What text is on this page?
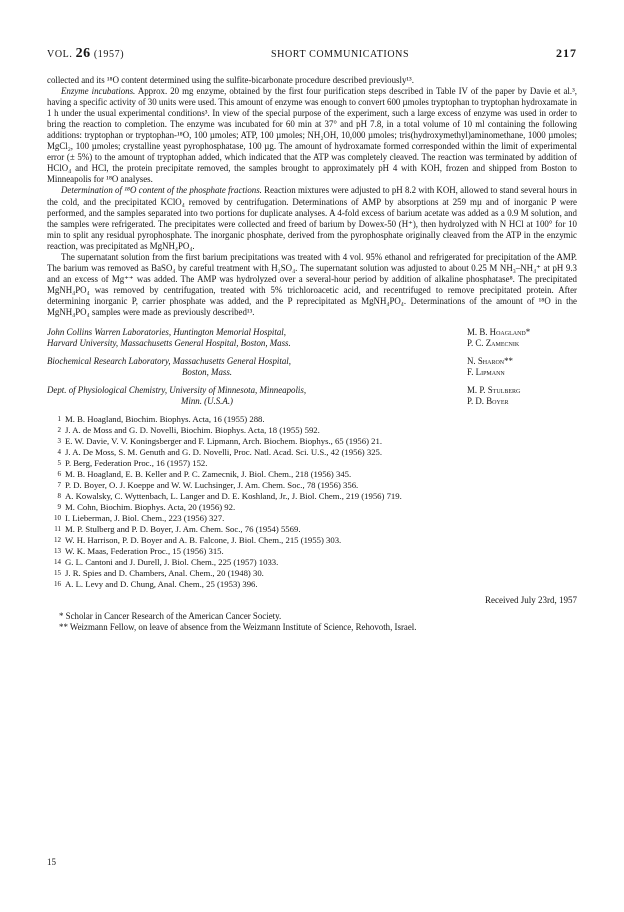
VOL. 26 (1957)	SHORT COMMUNICATIONS	217

collected and its ¹⁸O content determined using the sulfite-bicarbonate procedure described previously¹³.

Enzyme incubations. Approx. 20 mg enzyme, obtained by the first four purification steps described in Table IV of the paper by Davie et al.³, having a specific activity of 30 units were used. This amount of enzyme was enough to convert 600 µmoles tryptophan to tryptophan hydroxamate in 1 h under the usual experimental conditions³. In view of the special purpose of the experiment, such a large excess of enzyme was used in order to bring the reaction to completion. The enzyme was incubated for 60 min at 37° and pH 7.8, in a total volume of 10 ml containing the following additions: tryptophan or tryptophan-¹⁸O, 100 µmoles; ATP, 100 µmoles; NH₂OH, 10,000 µmoles; tris(hydroxymethyl)aminomethane, 1000 µmoles; MgCl₂, 100 µmoles; crystalline yeast pyrophosphatase, 100 µg. The amount of hydroxamate formed corresponded within the limit of experimental error (± 5%) to the amount of tryptophan added, which indicated that the ATP was completely cleaved. The reaction was terminated by addition of HClO₄ and HCl, the protein precipitate removed, the samples brought to approximately pH 4 with KOH, frozen and shipped from Boston to Minneapolis for ¹⁸O analyses.

Determination of ¹⁸O content of the phosphate fractions. Reaction mixtures were adjusted to pH 8.2 with KOH, allowed to stand several hours in the cold, and the precipitated KClO₄ removed by centrifugation. Determinations of AMP by absorptions at 259 mµ and of inorganic P were performed, and the samples separated into two portions for duplicate analyses. A 4-fold excess of barium acetate was added as a 0.9 M solution, and the samples were refrigerated. The precipitates were collected and freed of barium by Dowex-50 (H⁺), then hydrolyzed with N HCl at 100° for 10 min to split any residual pyrophosphate. The inorganic phosphate, derived from the pyrophosphate originally cleaved from the ATP in the enzymic reaction, was precipitated as MgNH₄PO₄.

The supernatant solution from the first barium precipitations was treated with 4 vol. 95% ethanol and refrigerated for precipitation of the AMP. The barium was removed as BaSO₄ by careful treatment with H₂SO₄. The supernatant solution was adjusted to about 0.25 M NH₃–NH₄⁺ at pH 9.3 and an excess of Mg⁺⁺ was added. The AMP was hydrolyzed over a several-hour period by addition of alkaline phosphatase⁸. The precipitated MgNH₄PO₄ was removed by centrifugation, treated with 5% trichloroacetic acid, and recentrifuged to remove precipitated protein. After determining inorganic P, carrier phosphate was added, and the P reprecipitated as MgNH₄PO₄. Determinations of the amount of ¹⁸O in the MgNH₄PO₄ samples were made as previously described¹³.

John Collins Warren Laboratories, Huntington Memorial Hospital,
Harvard University, Massachusetts General Hospital, Boston, Mass.
M. B. Hoagland*
P. C. Zamecnik
Biochemical Research Laboratory, Massachusetts General Hospital,
Boston, Mass.
N. Sharon**
F. Lipmann
Dept. of Physiological Chemistry, University of Minnesota, Minneapolis,
Minn. (U.S.A.)
M. P. Stulberg
P. D. Boyer
1 M. B. Hoagland, Biochim. Biophys. Acta, 16 (1955) 288.
2 J. A. de Moss and G. D. Novelli, Biochim. Biophys. Acta, 18 (1955) 592.
3 E. W. Davie, V. V. Koningsberger and F. Lipmann, Arch. Biochem. Biophys., 65 (1956) 21.
4 J. A. De Moss, S. M. Genuth and G. D. Novelli, Proc. Natl. Acad. Sci. U.S., 42 (1956) 325.
5 P. Berg, Federation Proc., 16 (1957) 152.
6 M. B. Hoagland, E. B. Keller and P. C. Zamecnik, J. Biol. Chem., 218 (1956) 345.
7 P. D. Boyer, O. J. Koeppe and W. W. Luchsinger, J. Am. Chem. Soc., 78 (1956) 356.
8 A. Kowalsky, C. Wyttenbach, L. Langer and D. E. Koshland, Jr., J. Biol. Chem., 219 (1956) 719.
9 M. Cohn, Biochim. Biophys. Acta, 20 (1956) 92.
10 I. Lieberman, J. Biol. Chem., 223 (1956) 327.
11 M. P. Stulberg and P. D. Boyer, J. Am. Chem. Soc., 76 (1954) 5569.
12 W. H. Harrison, P. D. Boyer and A. B. Falcone, J. Biol. Chem., 215 (1955) 303.
13 W. K. Maas, Federation Proc., 15 (1956) 315.
14 G. L. Cantoni and J. Durell, J. Biol. Chem., 225 (1957) 1033.
15 J. R. Spies and D. Chambers, Anal. Chem., 20 (1948) 30.
16 A. L. Levy and D. Chung, Anal. Chem., 25 (1953) 396.
Received July 23rd, 1957
* Scholar in Cancer Research of the American Cancer Society.
** Weizmann Fellow, on leave of absence from the Weizmann Institute of Science, Rehovoth, Israel.
15
